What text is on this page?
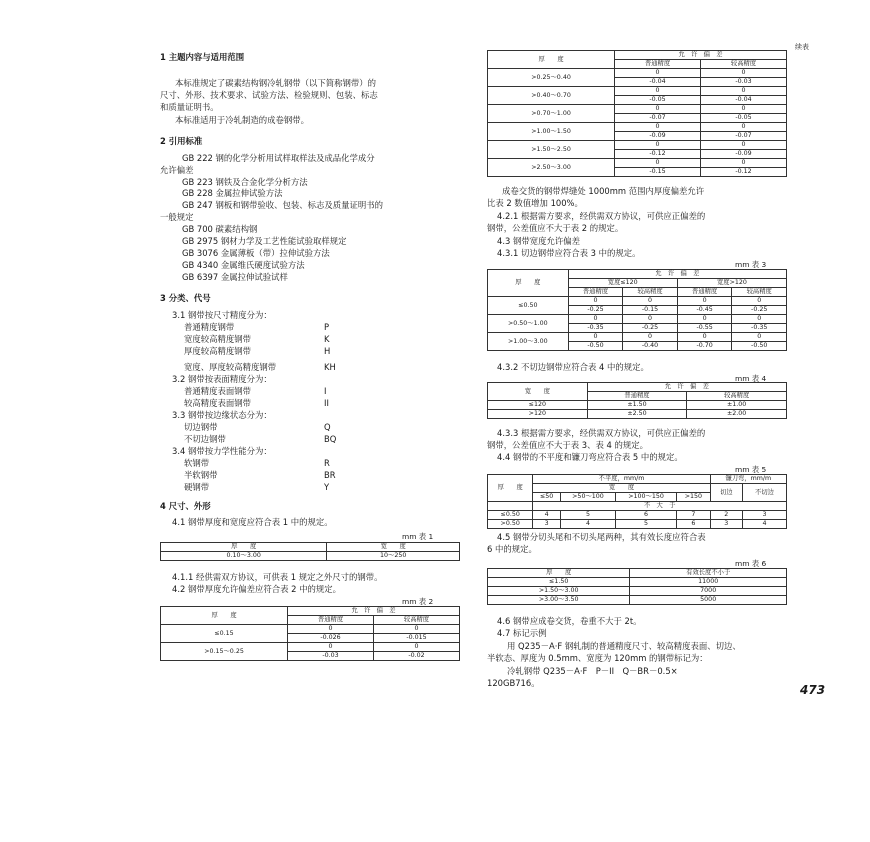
续表
473
1 主题内容与适用范围
本标准规定了碳素结构钢冷轧钢带（以下简称钢带）的
尺寸、外形、技术要求、试验方法、检验规则、包装、标志
和质量证明书。
本标准适用于冷轧制造的成卷钢带。
2 引用标准
GB 222 钢的化学分析用试样取样法及成品化学成分
允许偏差
GB 223 钢铁及合金化学分析方法
GB 228 金属拉伸试验方法
GB 247 钢板和钢带验收、包装、标志及质量证明书的
一般规定
GB 700 碳素结构钢
GB 2975 钢材力学及工艺性能试验取样规定
GB 3076 金属薄板（带）拉伸试验方法
GB 4340 金属维氏硬度试验方法
GB 6397 金属拉伸试验试样
3 分类、代号
3.1 钢带按尺寸精度分为：
普通精度钢带	P
宽度较高精度钢带	K
厚度较高精度钢带	H
宽度、厚度较高精度钢带	KH
3.2 钢带按表面精度分为：
普通精度表面钢带	I
较高精度表面钢带	II
3.3 钢带按边缘状态分为：
切边钢带	Q
不切边钢带	BQ
3.4 钢带按力学性能分为：
软钢带	R
半软钢带	BR
硬钢带	Y
4 尺寸、外形
4.1 钢带厚度和宽度应符合表 1 中的规定。
mm 表 1
厚　　度	宽　　度
0.10～3.00	10～250
4.1.1 经供需双方协议，可供表 1 规定之外尺寸的钢带。
4.2 钢带厚度允许偏差应符合表 2 中的规定。
mm 表 2
厚　　度	允　许　偏　差	
	普通精度	较高精度
≤0.15	0	0
	-0.026	-0.015
>0.15～0.25	0	0
	-0.03	-0.02
厚　　度	允　许　偏　差	
	普通精度	较高精度
>0.25～0.40	0	0
	-0.04	-0.03
>0.40～0.70	0	0
	-0.05	-0.04
>0.70～1.00	0	0
	-0.07	-0.05
>1.00～1.50	0	0
	-0.09	-0.07
>1.50～2.50	0	0
	-0.12	-0.09
>2.50～3.00	0	0
	-0.15	-0.12
成卷交货的钢带焊缝处 1000mm 范围内厚度偏差允许
比表 2 数值增加 100%。
4.2.1 根据需方要求，经供需双方协议，可供应正偏差的
钢带，公差值应不大于表 2 的规定。
4.3 钢带宽度允许偏差
4.3.1 切边钢带应符合表 3 中的规定。
mm 表 3
厚　　度	允　许　偏　差			
	宽度≤120		宽度>120	
	普通精度	较高精度	普通精度	较高精度
≤0.50	0	0	0	0
	-0.25	-0.15	-0.45	-0.25
>0.50～1.00	0	0	0	0
	-0.35	-0.25	-0.55	-0.35
>1.00～3.00	0	0	0	0
	-0.50	-0.40	-0.70	-0.50
4.3.2 不切边钢带应符合表 4 中的规定。
mm 表 4
宽　　度	允　许　偏　差	
	普通精度	较高精度
≤120	±1.50	±1.00
>120	±2.50	±2.00
4.3.3 根据需方要求，经供需双方协议，可供应正偏差的
钢带，公差值应不大于表 3、表 4 的规定。
4.4 钢带的不平度和镰刀弯应符合表 5 中的规定。
mm 表 5
厚　　度	不平度，mm/m				镰刀弯，mm/m	
	宽　　度				切边	不切边
	≤50	>50～100	>100～150	>150		
	不　大　于					
≤0.50	4	5	6	7	2	3
>0.50	3	4	5	6	3	4
4.5 钢带分切头尾和不切头尾两种，其有效长度应符合表
6 中的规定。
mm 表 6
厚　　度	有效长度不小于
≤1.50	11000
>1.50～3.00	7000
>3.00～3.50	5000
4.6 钢带应成卷交货，卷重不大于 2t。
4.7 标记示例
用 Q235－A·F 钢轧制的普通精度尺寸、较高精度表面、切边、
半软态、厚度为 0.5mm、宽度为 120mm 的钢带标记为：
冷轧钢带 Q235－A·F　P－II　Q－BR－0.5×
120GB716。
